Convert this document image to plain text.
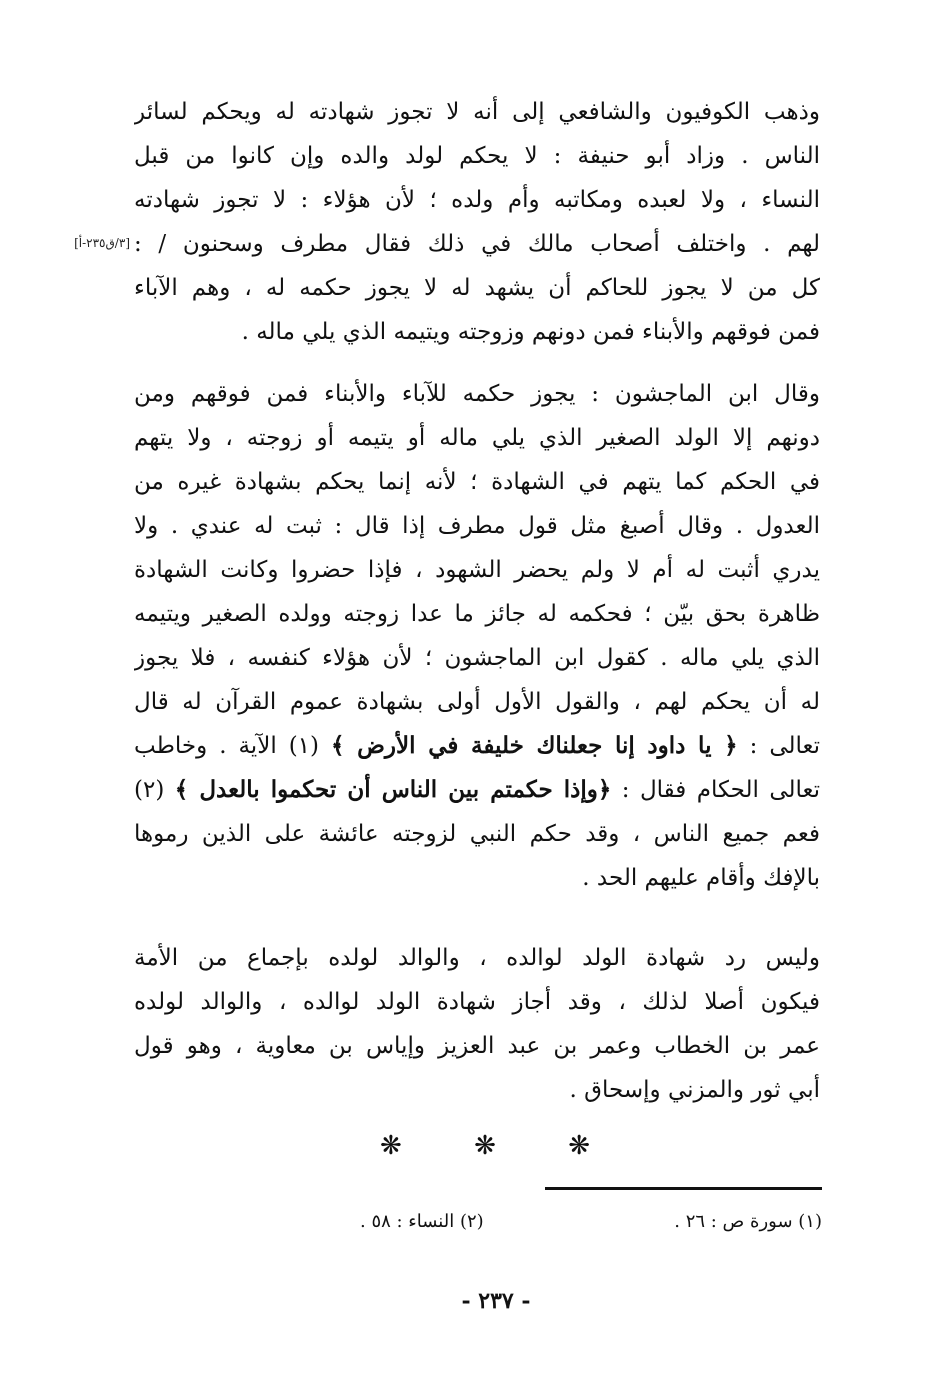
[٣/ق٢٣٥-أ]
وذهب الكوفيون والشافعي إلى أنه لا تجوز شهادته له ويحكم لسائر
الناس . وزاد أبو حنيفة : لا يحكم لولد والده وإن كانوا من قبل
النساء ، ولا لعبده ومكاتبه وأم ولده ؛ لأن هؤلاء : لا تجوز شهادته
لهم . واختلف أصحاب مالك في ذلك فقال مطرف وسحنون / :
كل من لا يجوز للحاكم أن يشهد له لا يجوز حكمه له ، وهم الآباء
فمن فوقهم والأبناء فمن دونهم وزوجته ويتيمه الذي يلي ماله .
وقال ابن الماجشون : يجوز حكمه للآباء والأبناء فمن فوقهم ومن
دونهم إلا الولد الصغير الذي يلي ماله أو يتيمه أو زوجته ، ولا يتهم
في الحكم كما يتهم في الشهادة ؛ لأنه إنما يحكم بشهادة غيره من
العدول . وقال أصبغ مثل قول مطرف إذا قال : ثبت له عندي . ولا
يدري أثبت له أم لا ولم يحضر الشهود ، فإذا حضروا وكانت الشهادة
ظاهرة بحق بيّن ؛ فحكمه له جائز ما عدا زوجته وولده الصغير ويتيمه
الذي يلي ماله . كقول ابن الماجشون ؛ لأن هؤلاء كنفسه ، فلا يجوز
له أن يحكم لهم ، والقول الأول أولى بشهادة عموم القرآن له قال
تعالى : ﴿ يا داود إنا جعلناك خليفة في الأرض ﴾ (١) الآية . وخاطب
تعالى الحكام فقال : ﴿وإذا حكمتم بين الناس أن تحكموا بالعدل ﴾ (٢)
فعم جميع الناس ، وقد حكم النبي لزوجته عائشة على الذين رموها
بالإفك وأقام عليهم الحد .
وليس رد شهادة الولد لوالده ، والوالد لولده بإجماع من الأمة
فيكون أصلا لذلك ، وقد أجاز شهادة الولد لوالده ، والوالد لولده
عمر بن الخطاب وعمر بن عبد العزيز وإياس بن معاوية ، وهو قول
أبي ثور والمزني وإسحاق .
❋	❋	❋
(١) سورة ص : ٢٦ .
(٢) النساء : ٥٨ .
- ٢٣٧ -
